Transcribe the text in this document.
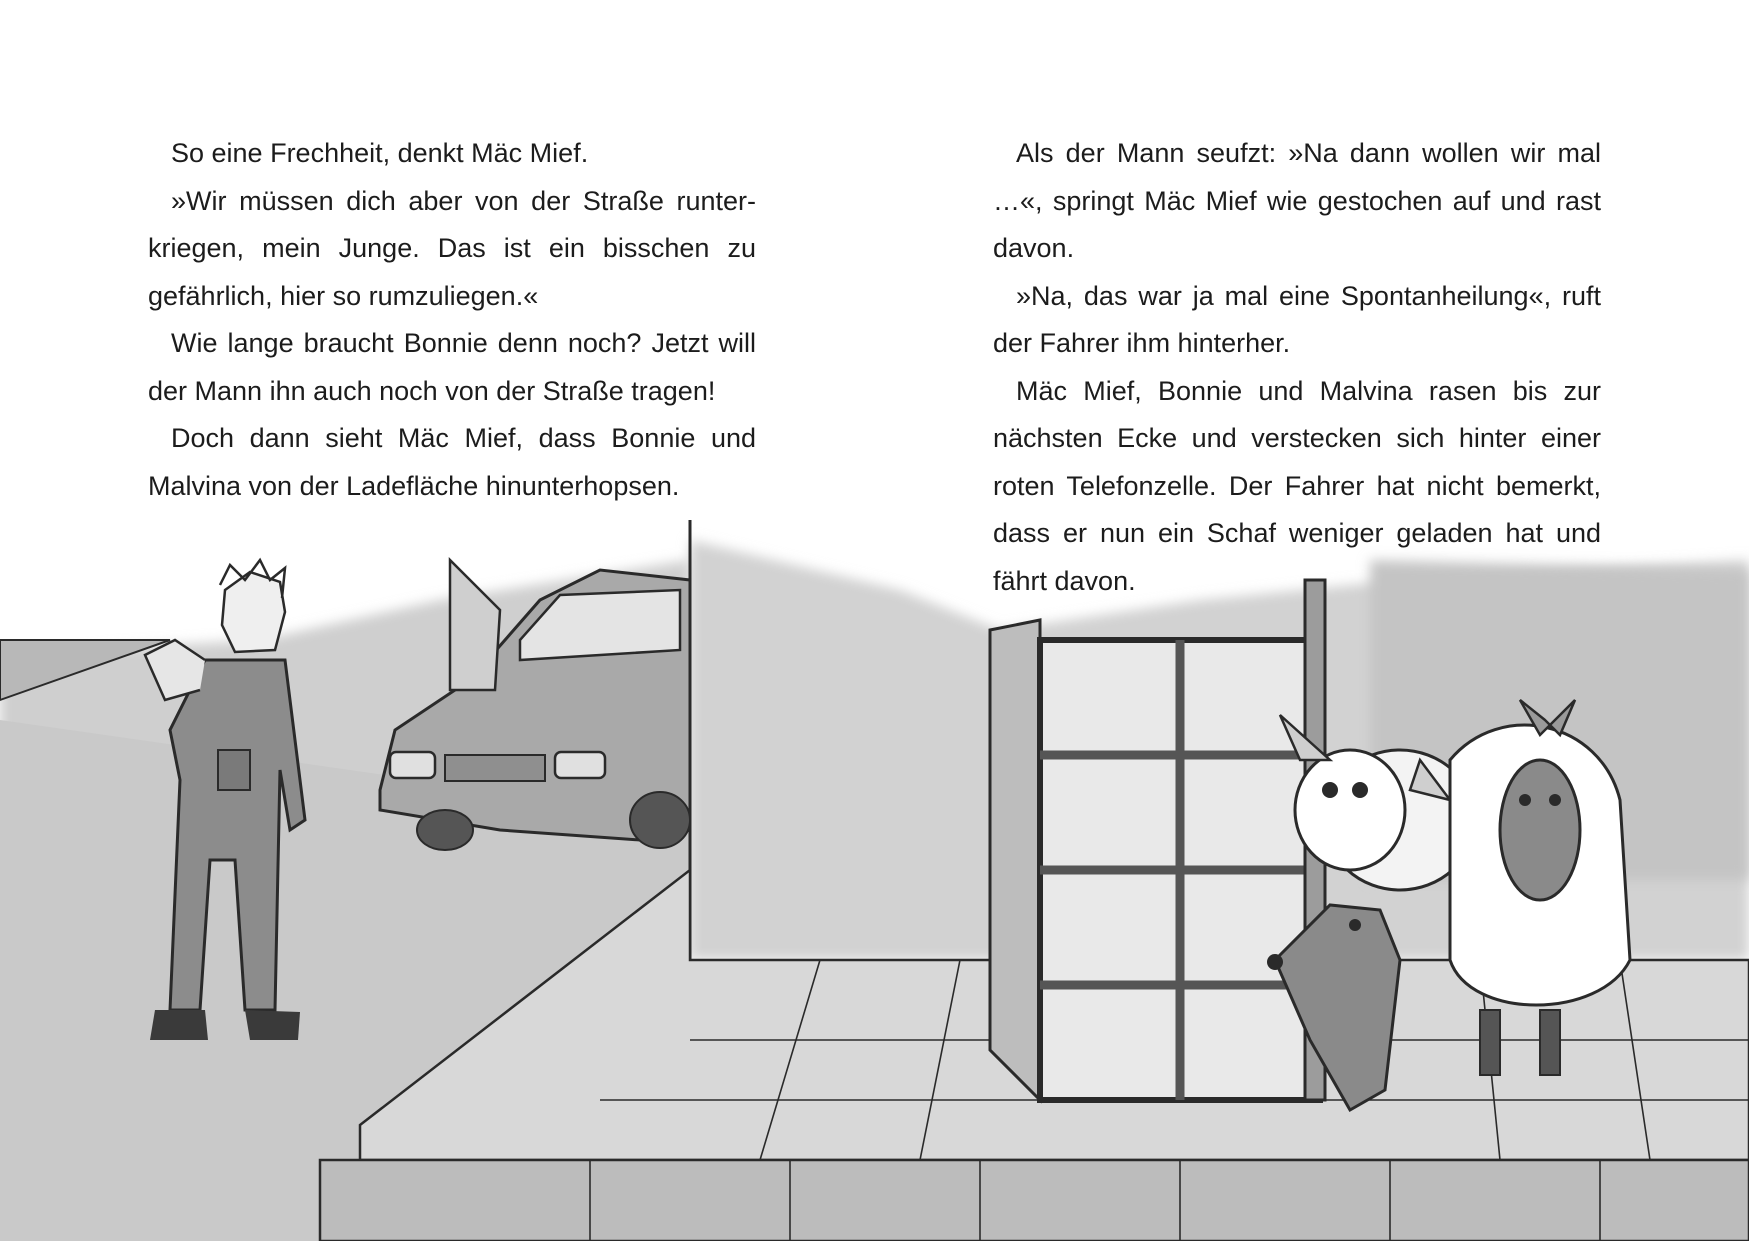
So eine Frechheit, denkt Mäc Mief.

»Wir müssen dich aber von der Straße runterkriegen, mein Junge. Das ist ein bisschen zu gefährlich, hier so rumzuliegen.«

Wie lange braucht Bonnie denn noch? Jetzt will der Mann ihn auch noch von der Straße tragen!

Doch dann sieht Mäc Mief, dass Bonnie und Malvina von der Ladefläche hinunterhopsen.

Als der Mann seufzt: »Na dann wollen wir mal …«, springt Mäc Mief wie gestochen auf und rast davon.

»Na, das war ja mal eine Spontanheilung«, ruft der Fahrer ihm hinterher.

Mäc Mief, Bonnie und Malvina rasen bis zur nächsten Ecke und verstecken sich hinter einer roten Telefonzelle. Der Fahrer hat nicht bemerkt, dass er nun ein Schaf weniger geladen hat und fährt davon.
